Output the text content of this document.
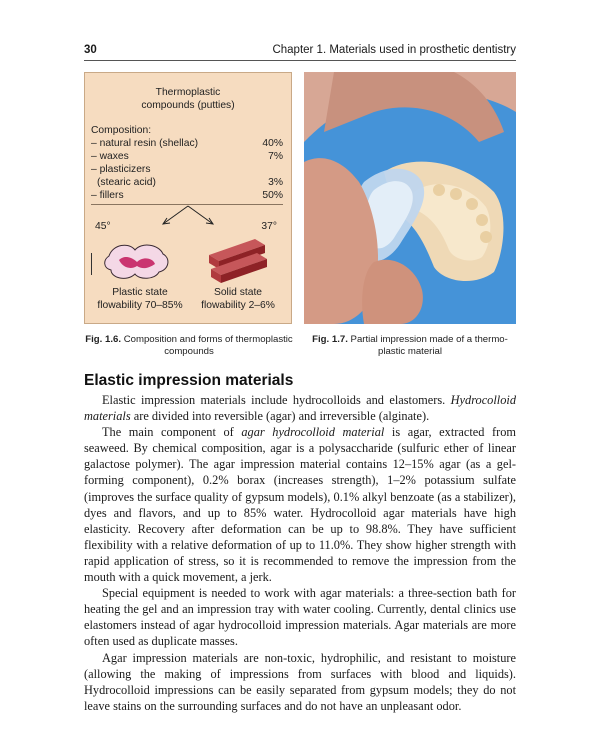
30	Chapter 1. Materials used in prosthetic dentistry
Thermoplastic
compounds (putties)
Composition:
– natural resin (shellac)	40%
– waxes	7%
– plasticizers
(stearic acid)	3%
– fillers	50%
45°	37°
Plastic state
flowability 70–85%
Solid state
flowability 2–6%
Fig. 1.6. Composition and forms of thermoplastic
compounds
Fig. 1.7. Partial impression made of a thermo-
plastic material
Elastic impression materials

Elastic impression materials include hydrocolloids and elastomers. Hydrocolloid materials are divided into reversible (agar) and irreversible (alginate).

The main component of agar hydrocolloid material is agar, extracted from seaweed. By chemical composition, agar is a polysaccharide (sulfuric ether of linear galactose polymer). The agar impression material contains 12–15% agar (as a gel-forming component), 0.2% borax (increases strength), 1–2% potassium sulfate (improves the surface quality of gypsum models), 0.1% alkyl benzoate (as a stabilizer), dyes and flavors, and up to 85% water. Hydrocolloid agar materials have high elasticity. Recovery after deformation can be up to 98.8%. They have sufficient flexibility with a relative deformation of up to 11.0%. They show higher strength with rapid application of stress, so it is recommended to remove the impression from the mouth with a quick movement, a jerk.

Special equipment is needed to work with agar materials: a three-section bath for heating the gel and an impression tray with water cooling. Currently, dental clinics use elastomers instead of agar hydrocolloid impression materials. Agar materials are more often used as duplicate masses.

Agar impression materials are non-toxic, hydrophilic, and resistant to moisture (allowing the making of impressions from surfaces with blood and liquids). Hydrocolloid impressions can be easily separated from gypsum models; they do not leave stains on the surrounding surfaces and do not have an unpleasant odor.
